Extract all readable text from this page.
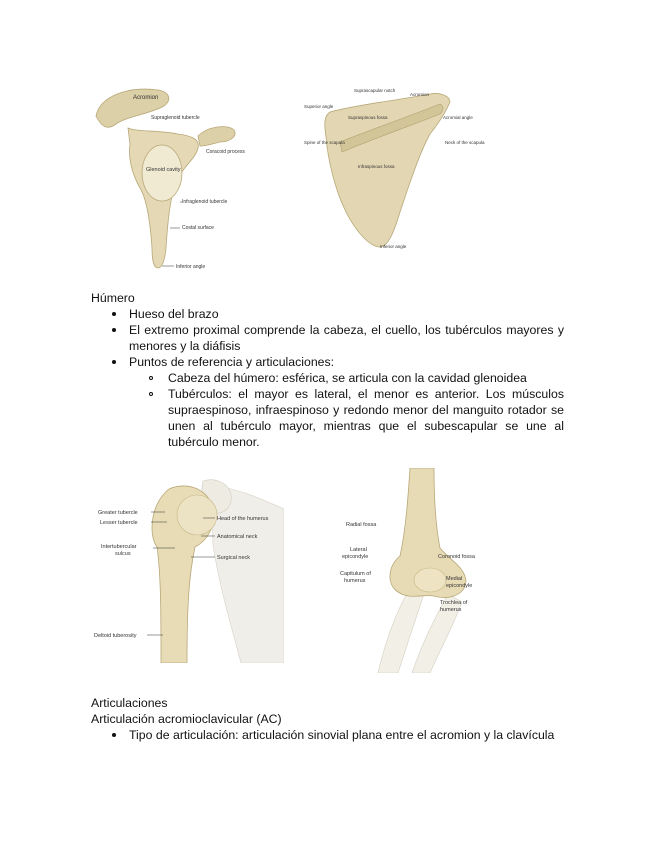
Acromion
Supraglenoid tubercle
Coracoid process
Glenoid cavity
Infraglenoid tubercle
Costal surface
Inferior angle
Suprascapular notch
Acromion
Superior angle
Supraspinous fossa	Acromial angle
Spine of the scapula	Neck of the scapula
Infraspinous fossa
Inferior angle
Húmero
Hueso del brazo
El extremo proximal comprende la cabeza, el cuello, los tubérculos mayores y menores y la diáfisis
Puntos de referencia y articulaciones:
Cabeza del húmero: esférica, se articula con la cavidad glenoidea
Tubérculos: el mayor es lateral, el menor es anterior. Los músculos supraespinoso, infraespinoso y redondo menor del manguito rotador se unen al tubérculo mayor, mientras que el subescapular se une al tubérculo menor.
Greater tubercle
Lesser tubercle
Head of the humerus
Anatomical neck
Intertubercular
sulcus
Surgical neck
Deltoid tuberosity
Radial fossa
Lateral
epicondyle	Coronoid fossa
Capitulum of
humerus	Medial
epicondyle
Trochlea of
humerus
Articulaciones
Articulación acromioclavicular (AC)
Tipo de articulación: articulación sinovial plana entre el acromion y la clavícula
